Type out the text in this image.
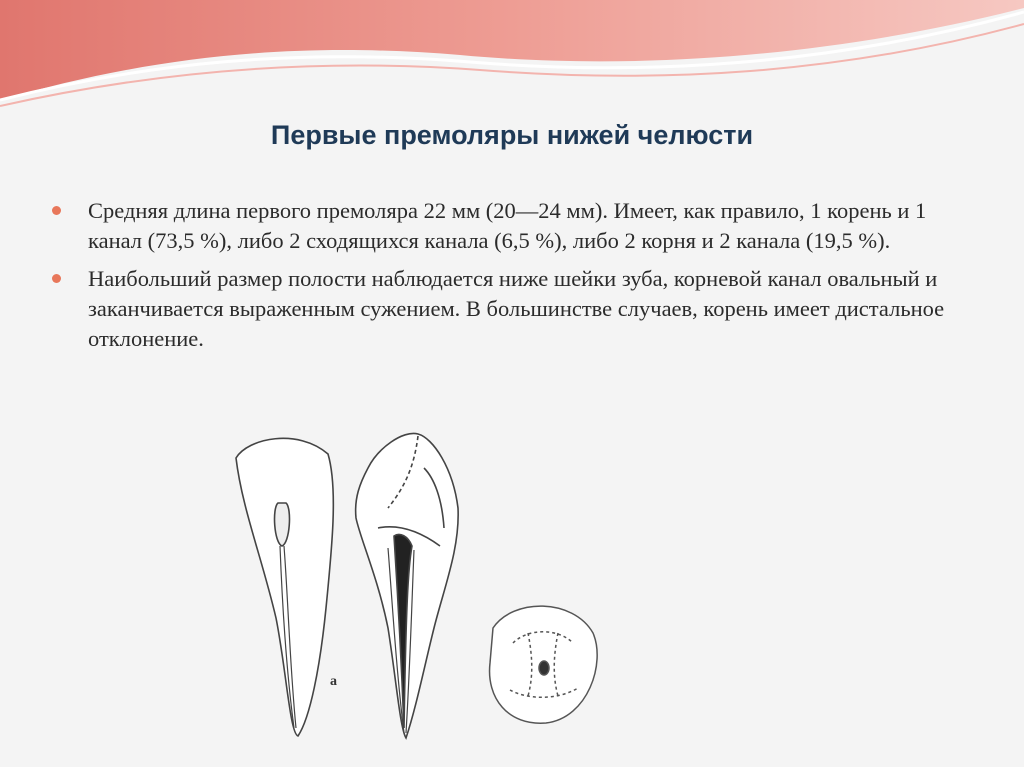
Первые премоляры нижей челюсти
Средняя длина первого премоляра 22 мм (20—24 мм). Имеет, как правило, 1 корень и 1 канал (73,5 %), либо 2 сходящихся канала (6,5 %), либо 2 корня и 2 канала (19,5 %).
Наибольший размер полости наблюдается ниже шейки зуба, корневой канал овальный и заканчивается выраженным сужением. В большинстве случаев, корень имеет дистальное отклонение.
а
